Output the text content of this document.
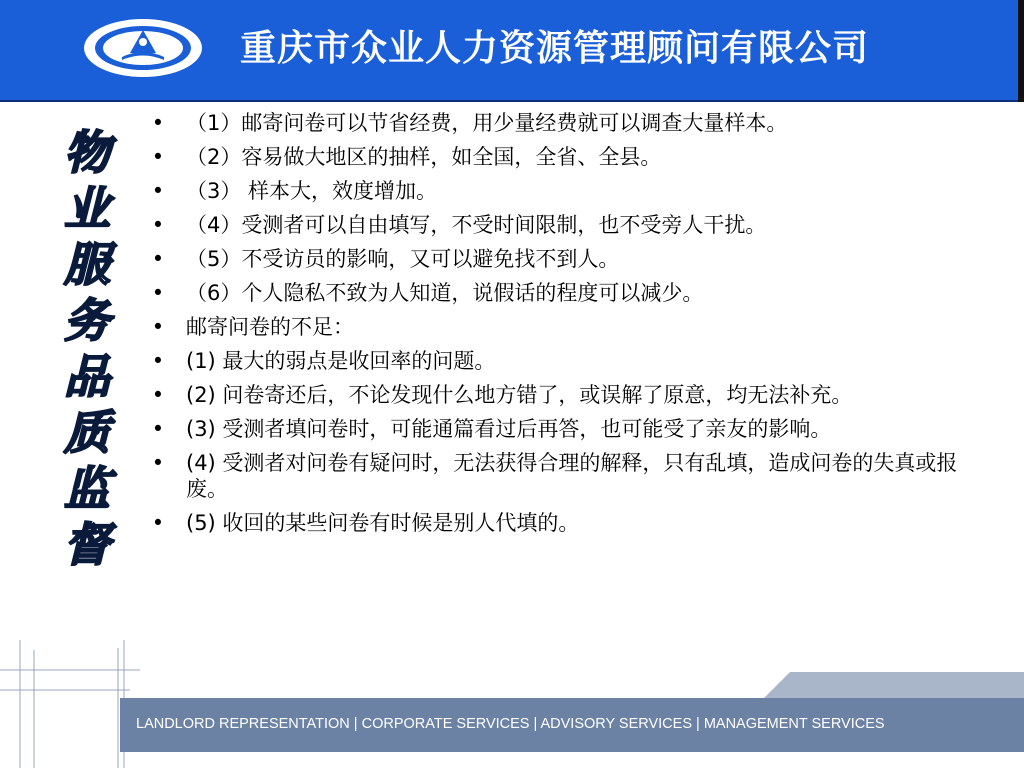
重庆市众业人力资源管理顾问有限公司
物业服务品质监督
• （1）邮寄问卷可以节省经费，用少量经费就可以调查大量样本。
• （2）容易做大地区的抽样，如全国，全省、全县。
• （3） 样本大，效度增加。
• （4）受测者可以自由填写，不受时间限制，也不受旁人干扰。
• （5）不受访员的影响，又可以避免找不到人。
• （6）个人隐私不致为人知道，说假话的程度可以减少。
• 邮寄问卷的不足：
• (1) 最大的弱点是收回率的问题。
• (2) 问卷寄还后，不论发现什么地方错了，或误解了原意，均无法补充。
• (3) 受测者填问卷时，可能通篇看过后再答，也可能受了亲友的影响。
• (4) 受测者对问卷有疑问时，无法获得合理的解释，只有乱填，造成问卷的失真或报废。
• (5) 收回的某些问卷有时候是别人代填的。
LANDLORD REPRESENTATION | CORPORATE SERVICES | ADVISORY SERVICES | MANAGEMENT SERVICES
